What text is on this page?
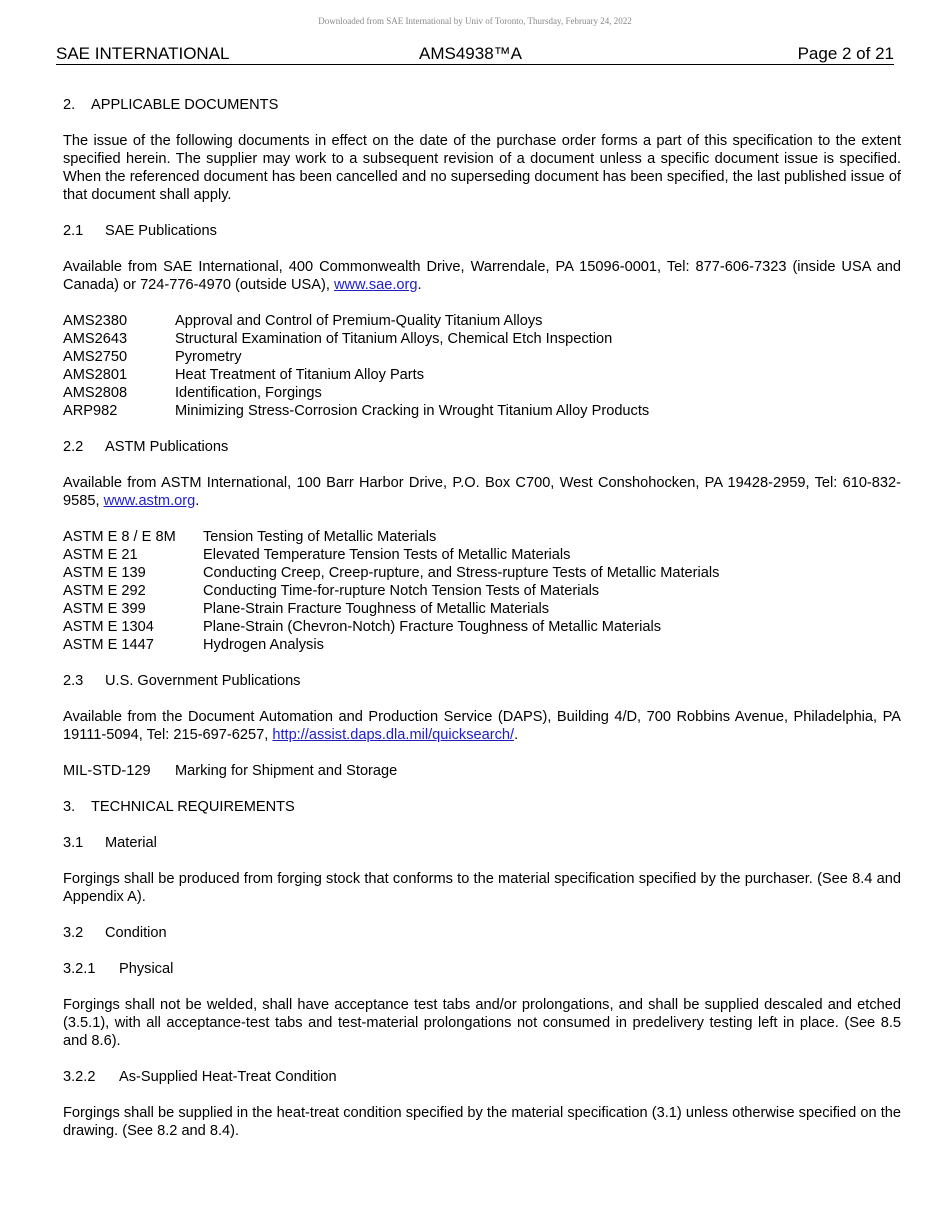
Downloaded from SAE International by Univ of Toronto, Thursday, February 24, 2022
SAE INTERNATIONAL	AMS4938™A	Page 2 of 21
2. APPLICABLE DOCUMENTS

The issue of the following documents in effect on the date of the purchase order forms a part of this specification to the extent specified herein. The supplier may work to a subsequent revision of a document unless a specific document issue is specified. When the referenced document has been cancelled and no superseding document has been specified, the last published issue of that document shall apply.

2.1 SAE Publications

Available from SAE International, 400 Commonwealth Drive, Warrendale, PA 15096-0001, Tel: 877-606-7323 (inside USA and Canada) or 724-776-4970 (outside USA), www.sae.org.

AMS2380	Approval and Control of Premium-Quality Titanium Alloys
AMS2643	Structural Examination of Titanium Alloys, Chemical Etch Inspection
AMS2750	Pyrometry
AMS2801	Heat Treatment of Titanium Alloy Parts
AMS2808	Identification, Forgings
ARP982	Minimizing Stress-Corrosion Cracking in Wrought Titanium Alloy Products
2.2 ASTM Publications

Available from ASTM International, 100 Barr Harbor Drive, P.O. Box C700, West Conshohocken, PA 19428-2959, Tel: 610-832-9585, www.astm.org.

ASTM E 8 / E 8M	Tension Testing of Metallic Materials
ASTM E 21	Elevated Temperature Tension Tests of Metallic Materials
ASTM E 139	Conducting Creep, Creep-rupture, and Stress-rupture Tests of Metallic Materials
ASTM E 292	Conducting Time-for-rupture Notch Tension Tests of Materials
ASTM E 399	Plane-Strain Fracture Toughness of Metallic Materials
ASTM E 1304	Plane-Strain (Chevron-Notch) Fracture Toughness of Metallic Materials
ASTM E 1447	Hydrogen Analysis
2.3 U.S. Government Publications

Available from the Document Automation and Production Service (DAPS), Building 4/D, 700 Robbins Avenue, Philadelphia, PA 19111-5094, Tel: 215-697-6257, http://assist.daps.dla.mil/quicksearch/.

MIL-STD-129	Marking for Shipment and Storage
3. TECHNICAL REQUIREMENTS
3.1 Material

Forgings shall be produced from forging stock that conforms to the material specification specified by the purchaser. (See 8.4 and Appendix A).

3.2 Condition
3.2.1 Physical

Forgings shall not be welded, shall have acceptance test tabs and/or prolongations, and shall be supplied descaled and etched (3.5.1), with all acceptance-test tabs and test-material prolongations not consumed in predelivery testing left in place. (See 8.5 and 8.6).

3.2.2 As-Supplied Heat-Treat Condition

Forgings shall be supplied in the heat-treat condition specified by the material specification (3.1) unless otherwise specified on the drawing. (See 8.2 and 8.4).
